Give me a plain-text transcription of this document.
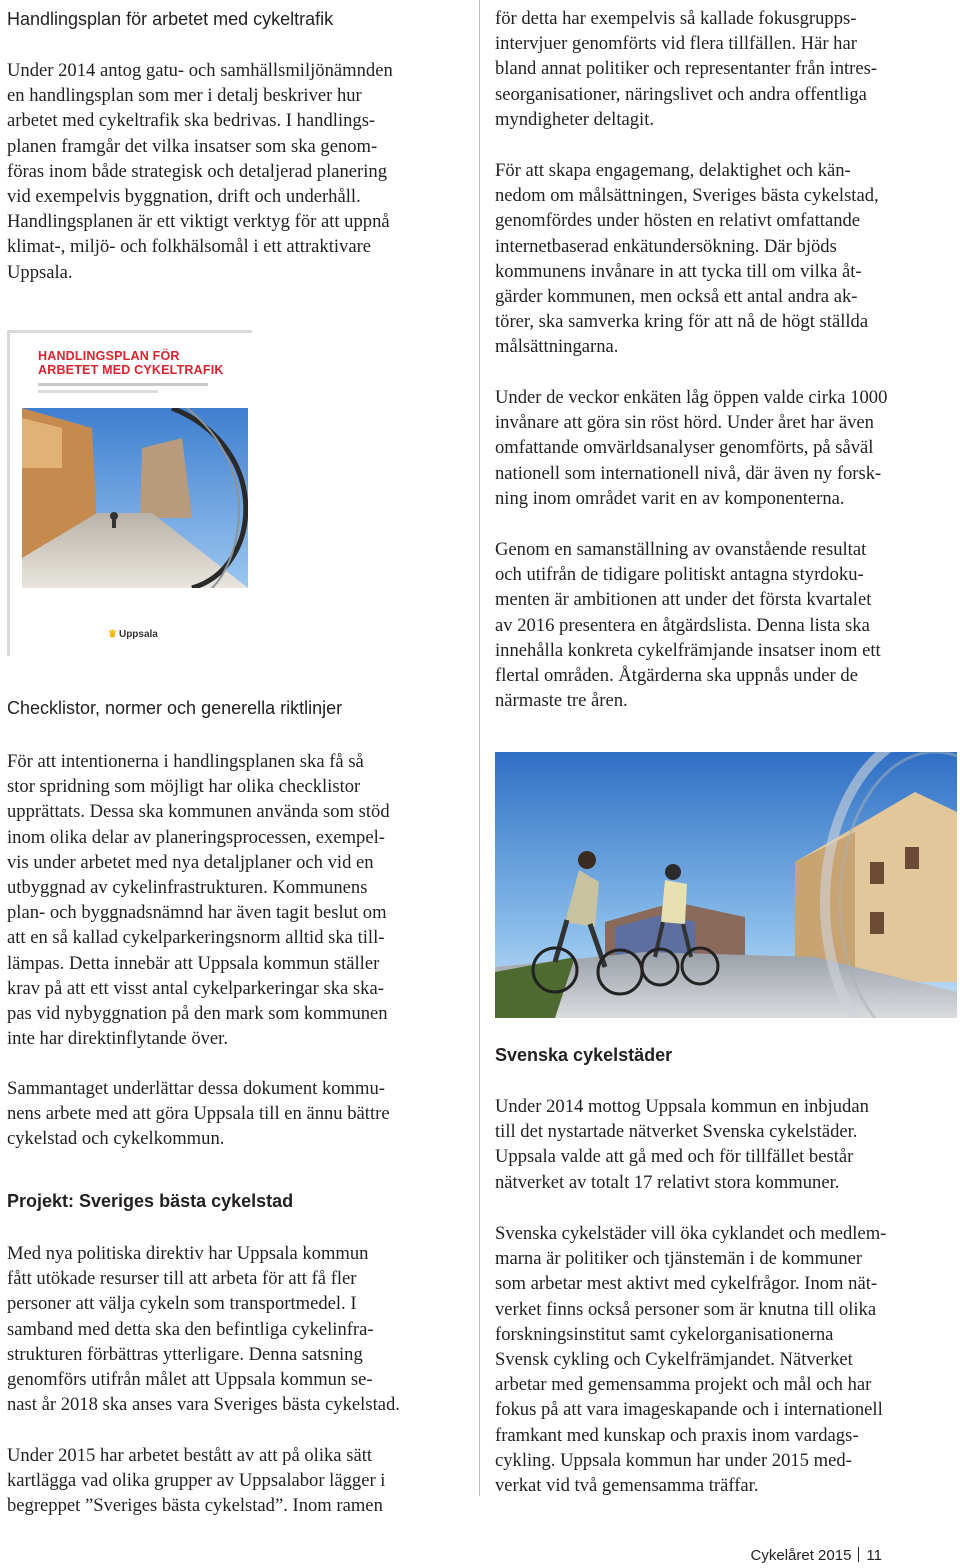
Handlingsplan för arbetet med cykeltrafik

Under 2014 antog gatu- och samhällsmiljönämnden
en handlingsplan som mer i detalj beskriver hur
arbetet med cykeltrafik ska bedrivas. I handlings-
planen framgår det vilka insatser som ska genom-
föras inom både strategisk och detaljerad planering
vid exempelvis byggnation, drift och underhåll.
Handlingsplanen är ett viktigt verktyg för att uppnå
klimat-, miljö- och folkhälsomål i ett attraktivare
Uppsala.

HANDLINGSPLAN FÖR
ARBETET MED CYKELTRAFIK
♛ Uppsala
Checklistor, normer och generella riktlinjer

För att intentionerna i handlingsplanen ska få så
stor spridning som möjligt har olika checklistor
upprättats. Dessa ska kommunen använda som stöd
inom olika delar av planeringsprocessen, exempel-
vis under arbetet med nya detaljplaner och vid en
utbyggnad av cykelinfrastrukturen. Kommunens
plan- och byggnadsnämnd har även tagit beslut om
att en så kallad cykelparkeringsnorm alltid ska till-
lämpas. Detta innebär att Uppsala kommun ställer
krav på att ett visst antal cykelparkeringar ska ska-
pas vid nybyggnation på den mark som kommunen
inte har direktinflytande över.

Sammantaget underlättar dessa dokument kommu-
nens arbete med att göra Uppsala till en ännu bättre
cykelstad och cykelkommun.

Projekt: Sveriges bästa cykelstad

Med nya politiska direktiv har Uppsala kommun
fått utökade resurser till att arbeta för att få fler
personer att välja cykeln som transportmedel. I
samband med detta ska den befintliga cykelinfra-
strukturen förbättras ytterligare. Denna satsning
genomförs utifrån målet att Uppsala kommun se-
nast år 2018 ska anses vara Sveriges bästa cykelstad.

Under 2015 har arbetet bestått av att på olika sätt
kartlägga vad olika grupper av Uppsalabor lägger i
begreppet ”Sveriges bästa cykelstad”. Inom ramen

för detta har exempelvis så kallade fokusgrupps-
intervjuer genomförts vid flera tillfällen. Här har
bland annat politiker och representanter från intres-
seorganisationer, näringslivet och andra offentliga
myndigheter deltagit.

För att skapa engagemang, delaktighet och kän-
nedom om målsättningen, Sveriges bästa cykelstad,
genomfördes under hösten en relativt omfattande
internetbaserad enkätundersökning. Där bjöds
kommunens invånare in att tycka till om vilka åt-
gärder kommunen, men också ett antal andra ak-
törer, ska samverka kring för att nå de högt ställda
målsättningarna.

Under de veckor enkäten låg öppen valde cirka 1000
invånare att göra sin röst hörd. Under året har även
omfattande omvärldsanalyser genomförts, på såväl
nationell som internationell nivå, där även ny forsk-
ning inom området varit en av komponenterna.

Genom en samanställning av ovanstående resultat
och utifrån de tidigare politiskt antagna styrdoku-
menten är ambitionen att under det första kvartalet
av 2016 presentera en åtgärdslista. Denna lista ska
innehålla konkreta cykelfrämjande insatser inom ett
flertal områden. Åtgärderna ska uppnås under de
närmaste tre åren.

Svenska cykelstäder

Under 2014 mottog Uppsala kommun en inbjudan
till det nystartade nätverket Svenska cykelstäder.
Uppsala valde att gå med och för tillfället består
nätverket av totalt 17 relativt stora kommuner.

Svenska cykelstäder vill öka cyklandet och medlem-
marna är politiker och tjänstemän i de kommuner
som arbetar mest aktivt med cykelfrågor. Inom nät-
verket finns också personer som är knutna till olika
forskningsinstitut samt cykelorganisationerna
Svensk cykling och Cykelfrämjandet. Nätverket
arbetar med gemensamma projekt och mål och har
fokus på att vara imageskapande och i internationell
framkant med kunskap och praxis inom vardags-
cykling. Uppsala kommun har under 2015 med-
verkat vid två gemensamma träffar.

Cykelåret 2015 11
